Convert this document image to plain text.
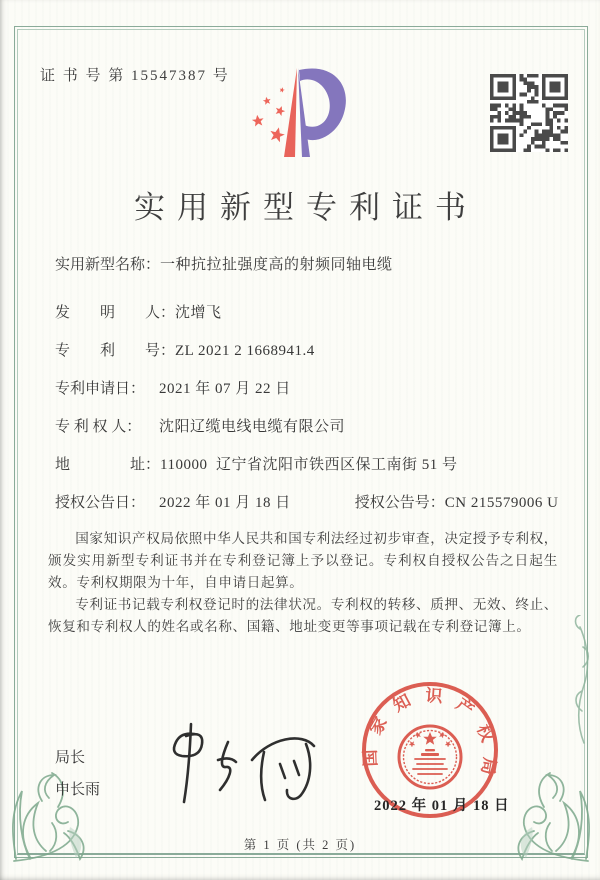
证 书 号 第 15547387 号
实用新型专利证书
实用新型名称： 一种抗拉扯强度高的射频同轴电缆
发　　明　　人： 沈增飞
专　　利　　号： ZL 2021 2 1668941.4
专利申请日： 2021 年 07 月 22 日
专 利 权 人：	沈阳辽缆电线电缆有限公司
地　　　　址： 110000  辽宁省沈阳市铁西区保工南街 51 号
授权公告日： 2022 年 01 月 18 日	授权公告号： CN 215579006 U

国家知识产权局依照中华人民共和国专利法经过初步审查，决定授予专利权，颁发实用新型专利证书并在专利登记簿上予以登记。专利权自授权公告之日起生效。专利权期限为十年，自申请日起算。

专利证书记载专利权登记时的法律状况。专利权的转移、质押、无效、终止、恢复和专利权人的姓名或名称、国籍、地址变更等事项记载在专利登记簿上。

局长
申长雨
国家知识产权局
2022 年 01 月 18 日
第 1 页 (共 2 页)
